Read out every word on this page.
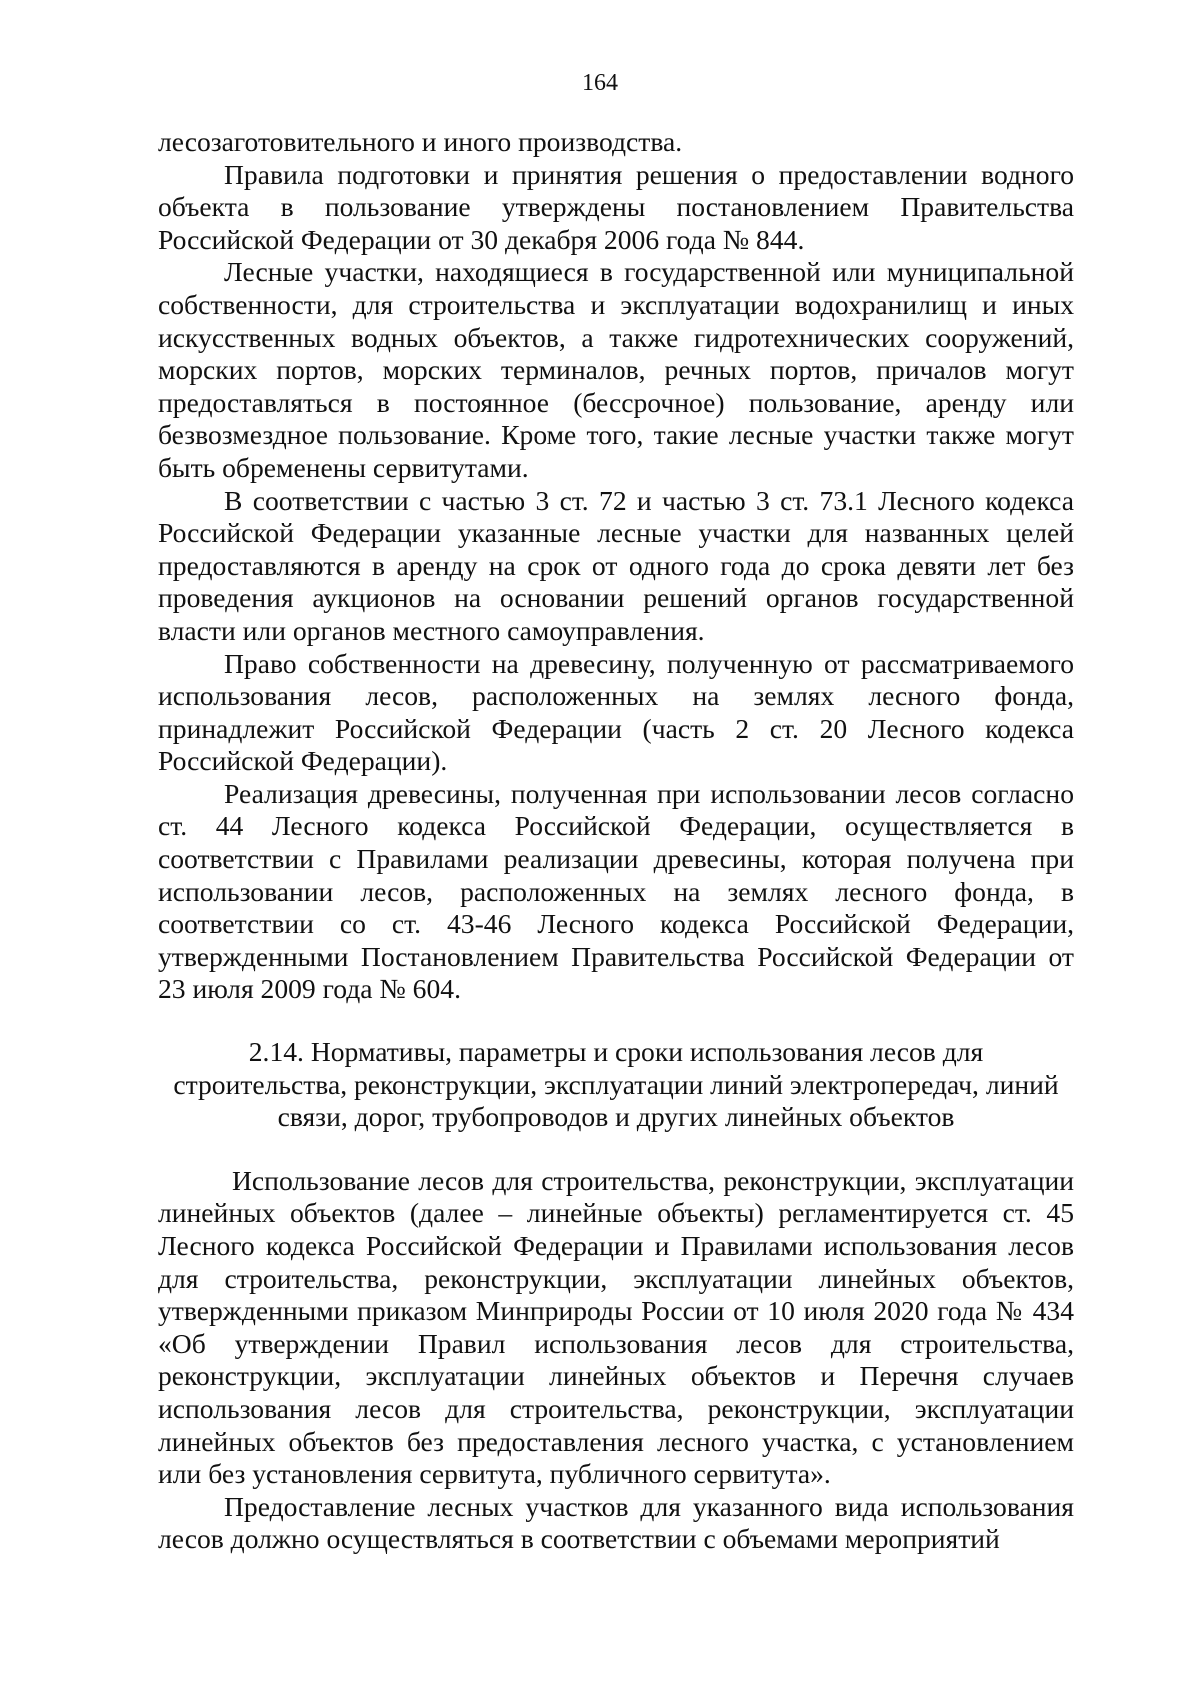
164

лесозаготовительного и иного производства.

Правила подготовки и принятия решения о предоставлении водного объекта в пользование утверждены постановлением Правительства Российской Федерации от 30 декабря 2006 года № 844.

Лесные участки, находящиеся в государственной или муниципальной собственности, для строительства и эксплуатации водохранилищ и иных искусственных водных объектов, а также гидротехнических сооружений, морских портов, морских терминалов, речных портов, причалов могут предоставляться в постоянное (бессрочное) пользование, аренду или безвозмездное пользование. Кроме того, такие лесные участки также могут быть обременены сервитутами.

В соответствии с частью 3 ст. 72 и частью 3 ст. 73.1 Лесного кодекса Российской Федерации указанные лесные участки для названных целей предоставляются в аренду на срок от одного года до срока девяти лет без проведения аукционов на основании решений органов государственной власти или органов местного самоуправления.

Право собственности на древесину, полученную от рассматриваемого использования лесов, расположенных на землях лесного фонда, принадлежит Российской Федерации (часть 2 ст. 20 Лесного кодекса Российской Федерации).

Реализация древесины, полученная при использовании лесов согласно ст. 44 Лесного кодекса Российской Федерации, осуществляется в соответствии с Правилами реализации древесины, которая получена при использовании лесов, расположенных на землях лесного фонда, в соответствии со ст. 43-46 Лесного кодекса Российской Федерации, утвержденными Постановлением Правительства Российской Федерации от 23 июля 2009 года № 604.

2.14. Нормативы, параметры и сроки использования лесов для
строительства, реконструкции, эксплуатации линий электропередач, линий
связи, дорог, трубопроводов и других линейных объектов

Использование лесов для строительства, реконструкции, эксплуатации линейных объектов (далее – линейные объекты) регламентируется ст. 45 Лесного кодекса Российской Федерации и Правилами использования лесов для строительства, реконструкции, эксплуатации линейных объектов, утвержденными приказом Минприроды России от 10 июля 2020 года № 434 «Об утверждении Правил использования лесов для строительства, реконструкции, эксплуатации линейных объектов и Перечня случаев использования лесов для строительства, реконструкции, эксплуатации линейных объектов без предоставления лесного участка, с установлением или без установления сервитута, публичного сервитута».

Предоставление лесных участков для указанного вида использования лесов должно осуществляться в соответствии с объемами мероприятий
